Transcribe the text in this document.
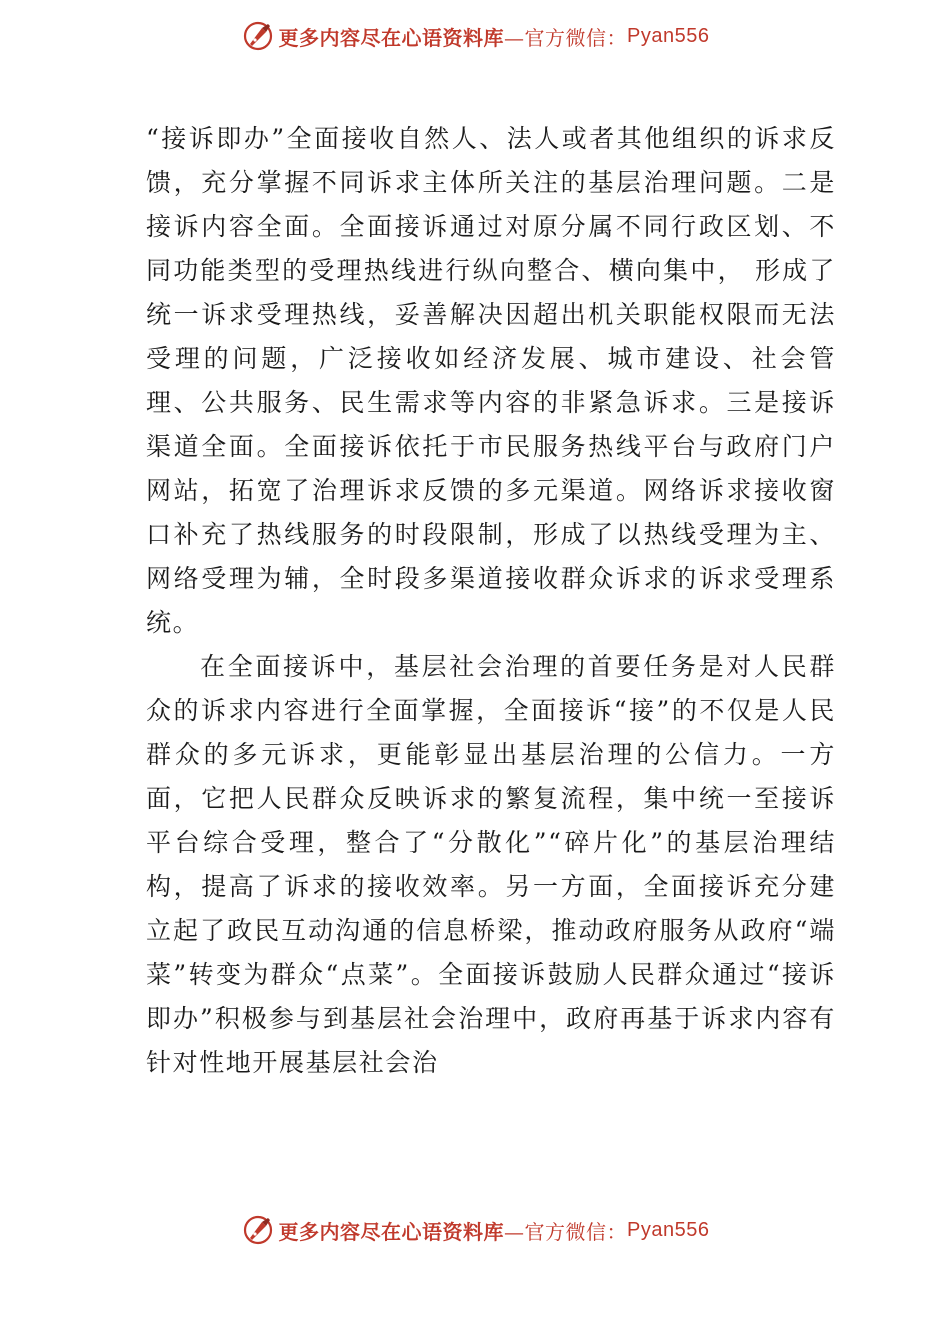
更多内容尽在心语资料库 —官方微信： Pyan556

“接诉即办”全面接收自然人、法人或者其他组织的诉求反馈，充分掌握不同诉求主体所关注的基层治理问题。二是接诉内容全面。全面接诉通过对原分属不同行政区划、不同功能类型的受理热线进行纵向整合、横向集中， 形成了统一诉求受理热线，妥善解决因超出机关职能权限而无法受理的问题，广泛接收如经济发展、城市建设、社会管理、公共服务、民生需求等内容的非紧急诉求。三是接诉渠道全面。全面接诉依托于市民服务热线平台与政府门户网站，拓宽了治理诉求反馈的多元渠道。网络诉求接收窗口补充了热线服务的时段限制，形成了以热线受理为主、网络受理为辅，全时段多渠道接收群众诉求的诉求受理系统。

在全面接诉中，基层社会治理的首要任务是对人民群众的诉求内容进行全面掌握，全面接诉“接”的不仅是人民群众的多元诉求，更能彰显出基层治理的公信力。一方面，它把人民群众反映诉求的繁复流程，集中统一至接诉平台综合受理，整合了“分散化”“碎片化”的基层治理结构，提高了诉求的接收效率。另一方面，全面接诉充分建立起了政民互动沟通的信息桥梁，推动政府服务从政府“端菜”转变为群众“点菜”。全面接诉鼓励人民群众通过“接诉即办”积极参与到基层社会治理中，政府再基于诉求内容有针对性地开展基层社会治

更多内容尽在心语资料库 —官方微信： Pyan556
